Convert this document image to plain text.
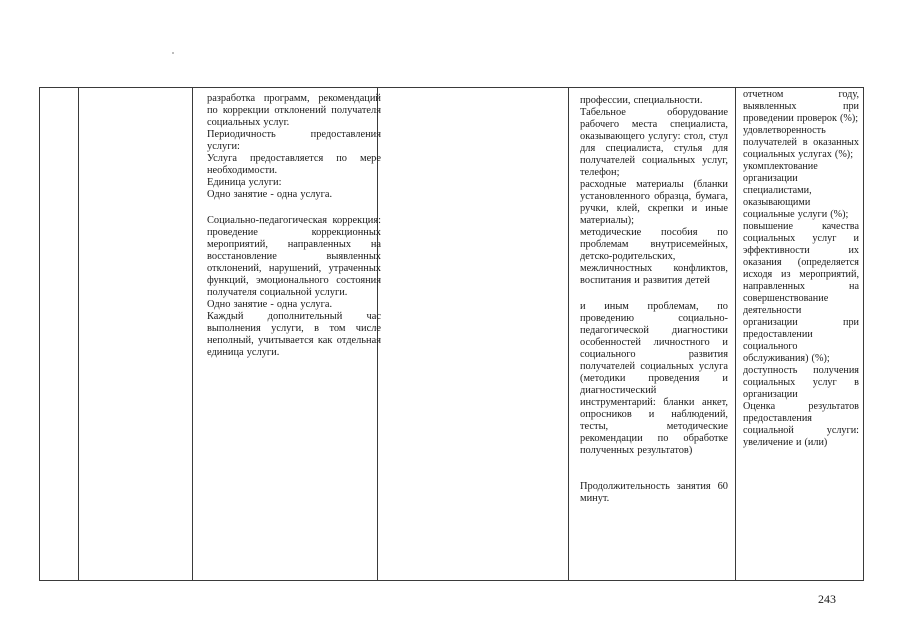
разработка программ, рекомендаций по коррекции отклонений получателя социальных услуг.

Периодичность предоставления услуги:

Услуга предоставляется по мере необходимости.

Единица услуги:

Одно занятие - одна услуга.

Социально-педагогическая коррекция: проведение коррекционных мероприятий, направленных на восстановление выявленных отклонений, нарушений, утраченных функций, эмоционального состояния получателя социальной услуги.

Одно занятие - одна услуга.

Каждый дополнительный час выполнения услуги, в том числе неполный, учитывается как отдельная единица услуги.

профессии, специальности.

Табельное оборудование рабочего места специалиста, оказывающего услугу: стол, стул для специалиста, стулья для получателей социальных услуг, телефон;

расходные материалы (бланки установленного образца, бумага, ручки, клей, скрепки и иные материалы);

методические пособия по проблемам внутрисемейных, детско-родительских, межличностных конфликтов, воспитания и развития детей

и иным проблемам, по проведению социально-педагогической диагностики особенностей личностного и социального развития получателей социальных услуга (методики проведения и диагностический инструментарий: бланки анкет, опросников и наблюдений, тесты, методические рекомендации по обработке полученных результатов)

Продолжительность занятия 60 минут.

отчетном году, выявленных при проведении проверок (%);

удовлетворенность получателей в оказанных социальных услугах (%);

укомплектование организации специалистами, оказывающими социальные услуги (%);

повышение качества социальных услуг и эффективности их оказания (определяется исходя из мероприятий, направленных на совершенствование деятельности организации при предоставлении социального обслуживания) (%);

доступность получения социальных услуг в организации

Оценка результатов предоставления социальной услуги: увеличение и (или)

243
